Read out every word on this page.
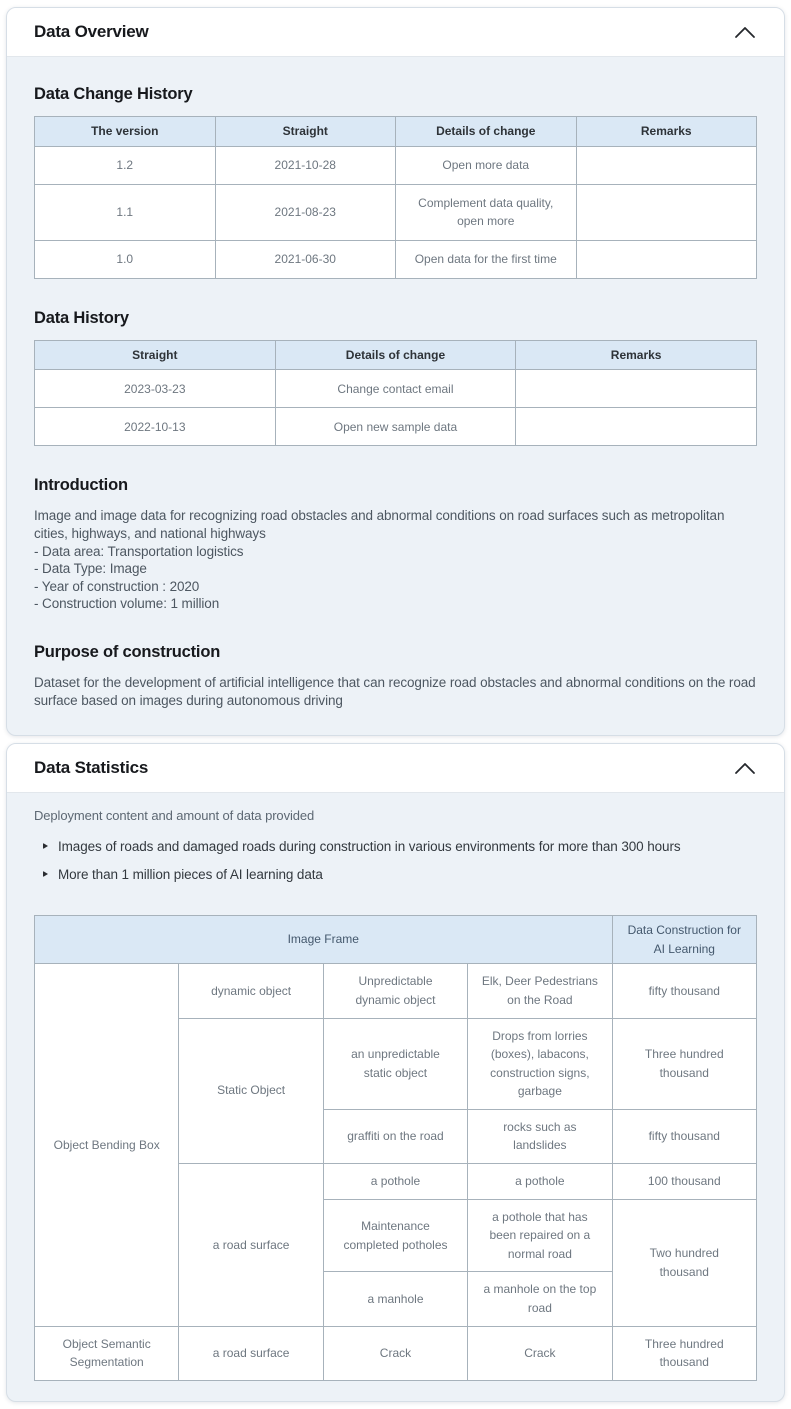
Data Overview
Data Change History
The version	Straight	Details of change	Remarks
1.2	2021-10-28	Open more data	
1.1	2021-08-23	Complement data quality, open more	
1.0	2021-06-30	Open data for the first time	
Data History
Straight	Details of change	Remarks
2023-03-23	Change contact email	
2022-10-13	Open new sample data	
Introduction
Image and image data for recognizing road obstacles and abnormal conditions on road surfaces such as metropolitan cities, highways, and national highways
- Data area: Transportation logistics
- Data Type: Image
- Year of construction : 2020
- Construction volume: 1 million
Purpose of construction
Dataset for the development of artificial intelligence that can recognize road obstacles and abnormal conditions on the road surface based on images during autonomous driving
Data Statistics
Deployment content and amount of data provided
Images of roads and damaged roads during construction in various environments for more than 300 hours
More than 1 million pieces of AI learning data
Image Frame				Data Construction for AI Learning
Object Bending Box	dynamic object	Unpredictable dynamic object	Elk, Deer Pedestrians on the Road	fifty thousand
	Static Object	an unpredictable static object	Drops from lorries (boxes), labacons, construction signs, garbage	Three hundred thousand
		graffiti on the road	rocks such as landslides	fifty thousand
	a road surface	a pothole	a pothole	100 thousand
		Maintenance completed potholes	a pothole that has been repaired on a normal road	Two hundred thousand
		a manhole	a manhole on the top road	
Object Semantic Segmentation	a road surface	Crack	Crack	Three hundred thousand
